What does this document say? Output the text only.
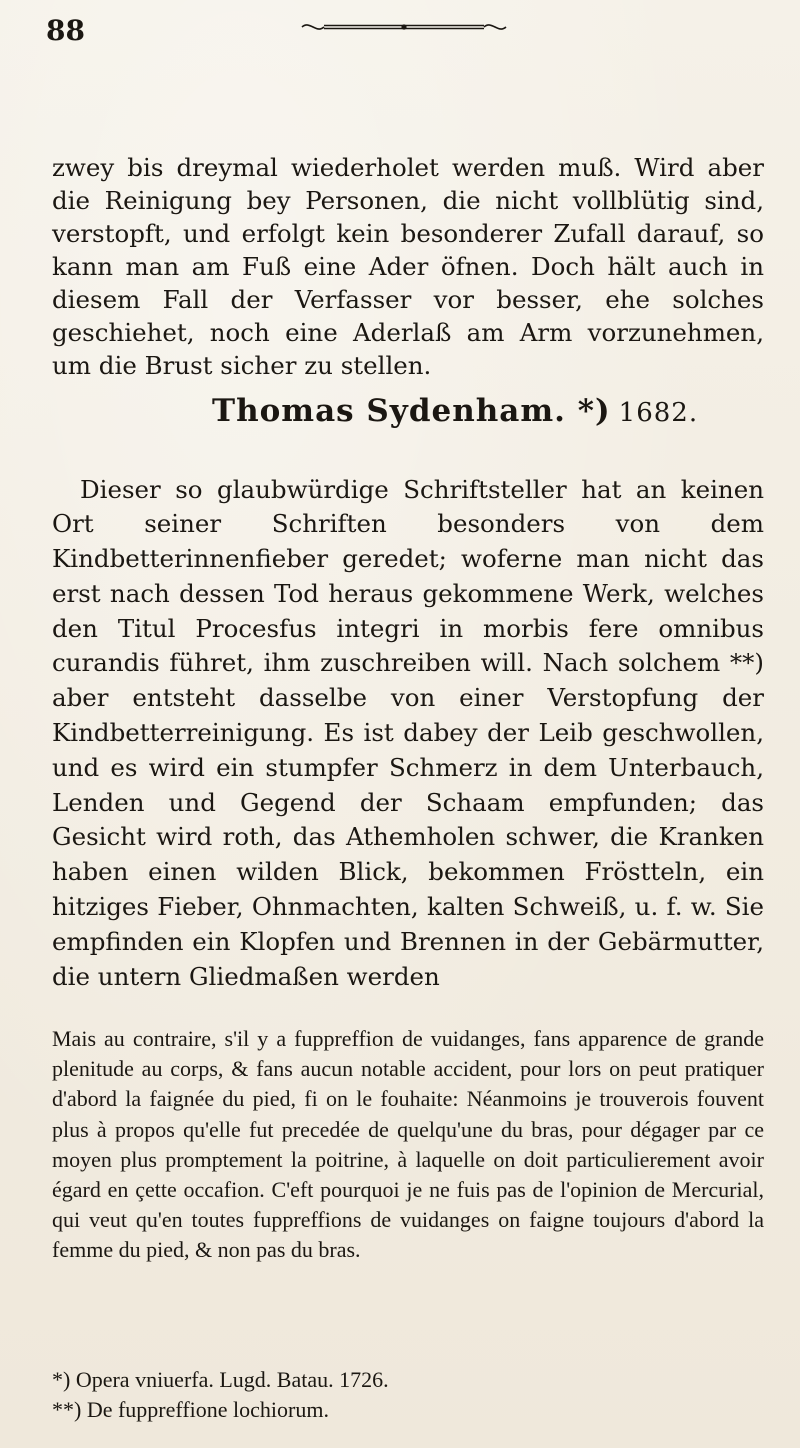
88

zwey bis dreymal wiederholet werden muß. Wird aber die Reinigung bey Personen, die nicht vollblütig sind, verstopft, und erfolgt kein besonderer Zufall darauf, so kann man am Fuß eine Ader öfnen. Doch hält auch in diesem Fall der Verfasser vor besser, ehe solches geschiehet, noch eine Aderlaß am Arm vorzunehmen, um die Brust sicher zu stellen.

Thomas Sydenham. *) 1682.

Dieser so glaubwürdige Schriftsteller hat an keinen Ort seiner Schriften besonders von dem Kindbetterinnenfieber geredet; woferne man nicht das erst nach dessen Tod heraus gekommene Werk, welches den Titul Procesfus integri in morbis fere omnibus curandis führet, ihm zuschreiben will. Nach solchem **) aber entsteht dasselbe von einer Verstopfung der Kindbetterreinigung. Es ist dabey der Leib geschwollen, und es wird ein stumpfer Schmerz in dem Unterbauch, Lenden und Gegend der Schaam empfunden; das Gesicht wird roth, das Athemholen schwer, die Kranken haben einen wilden Blick, bekommen Fröstteln, ein hitziges Fieber, Ohnmachten, kalten Schweiß, u. f. w. Sie empfinden ein Klopfen und Brennen in der Gebärmutter, die untern Gliedmaßen werden

Mais au contraire, s'il y a fuppreffion de vuidanges, fans apparence de grande plenitude au corps, & fans aucun notable accident, pour lors on peut pratiquer d'abord la faignée du pied, fi on le fouhaite: Néanmoins je trouverois fouvent plus à propos qu'elle fut precedée de quelqu'une du bras, pour dégager par ce moyen plus promptement la poitrine, à laquelle on doit particulierement avoir égard en çette occafion. C'eft pourquoi je ne fuis pas de l'opinion de Mercurial, qui veut qu'en toutes fuppreffions de vuidanges on faigne toujours d'abord la femme du pied, & non pas du bras.

*) Opera vniuerfa. Lugd. Batau. 1726.
**) De fuppreffione lochiorum.
